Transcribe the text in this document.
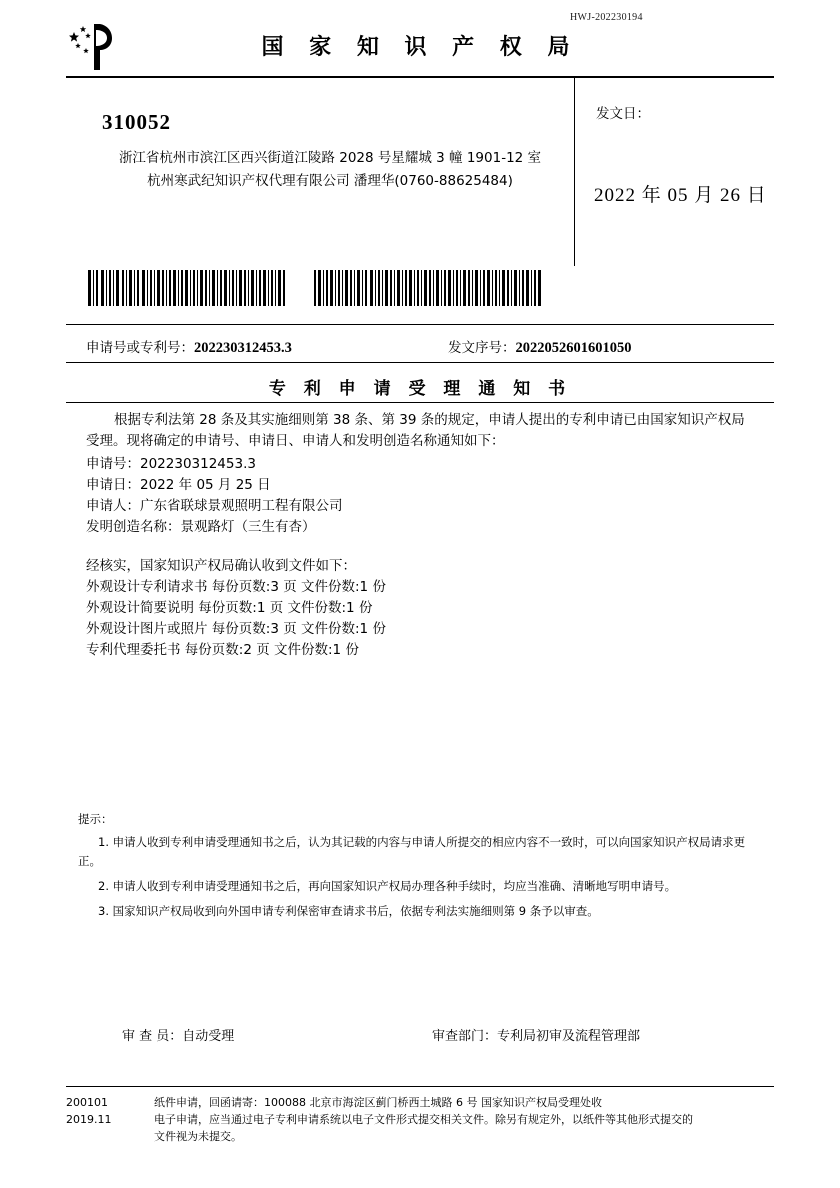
HWJ-202230194
国 家 知 识 产 权 局
310052
浙江省杭州市滨江区西兴街道江陵路 2028 号星耀城 3 幢 1901-12 室
杭州寒武纪知识产权代理有限公司 潘理华(0760-88625484)
发文日：
2022 年 05 月 26 日
申请号或专利号：202230312453.3	发文序号：2022052601601050
专 利 申 请 受 理 通 知 书

根据专利法第 28 条及其实施细则第 38 条、第 39 条的规定，申请人提出的专利申请已由国家知识产权局受理。现将确定的申请号、申请日、申请人和发明创造名称通知如下：

申请号：202230312453.3

申请日：2022 年 05 月 25 日

申请人：广东省联球景观照明工程有限公司

发明创造名称：景观路灯（三生有杏）

经核实，国家知识产权局确认收到文件如下：

外观设计专利请求书 每份页数:3 页 文件份数:1 份

外观设计简要说明 每份页数:1 页 文件份数:1 份

外观设计图片或照片 每份页数:3 页 文件份数:1 份

专利代理委托书 每份页数:2 页 文件份数:1 份

提示：

1. 申请人收到专利申请受理通知书之后，认为其记载的内容与申请人所提交的相应内容不一致时，可以向国家知识产权局请求更正。

2. 申请人收到专利申请受理通知书之后，再向国家知识产权局办理各种手续时，均应当准确、清晰地写明申请号。

3. 国家知识产权局收到向外国申请专利保密审查请求书后，依据专利法实施细则第 9 条予以审查。

审 查 员：自动受理	审查部门：专利局初审及流程管理部

200101

2019.11

纸件申请，回函请寄：100088 北京市海淀区蓟门桥西土城路 6 号 国家知识产权局受理处收

电子申请，应当通过电子专利申请系统以电子文件形式提交相关文件。除另有规定外，以纸件等其他形式提交的

文件视为未提交。
